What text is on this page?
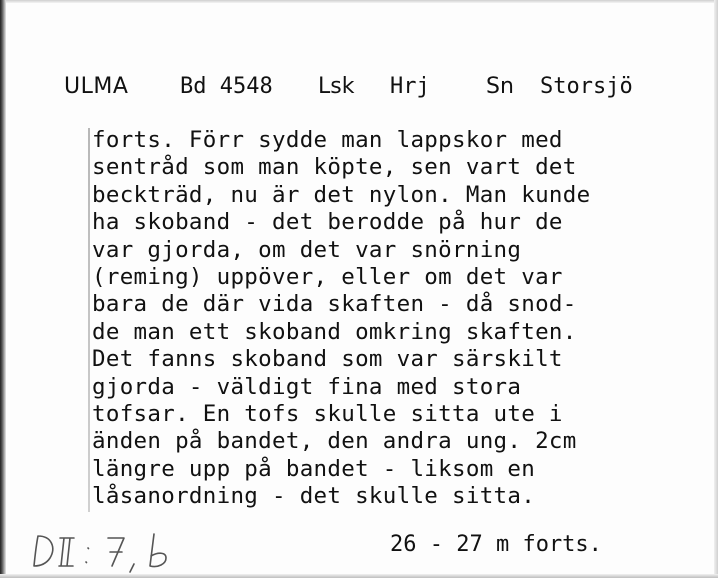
ULMA Bd 4548 Lsk Hrj	Sn Storsjö
forts. Förr sydde man lappskor med
sentråd som man köpte, sen vart det
beckträd, nu är det nylon. Man kunde
ha skoband - det berodde på hur de
var gjorda, om det var snörning
(reming) uppöver, eller om det var
bara de där vida skaften - då snod-
de man ett skoband omkring skaften.
Det fanns skoband som var särskilt
gjorda - väldigt fina med stora
tofsar. En tofs skulle sitta ute i
änden på bandet, den andra ung. 2cm
längre upp på bandet - liksom en
låsanordning - det skulle sitta.
26 - 27 m forts.
